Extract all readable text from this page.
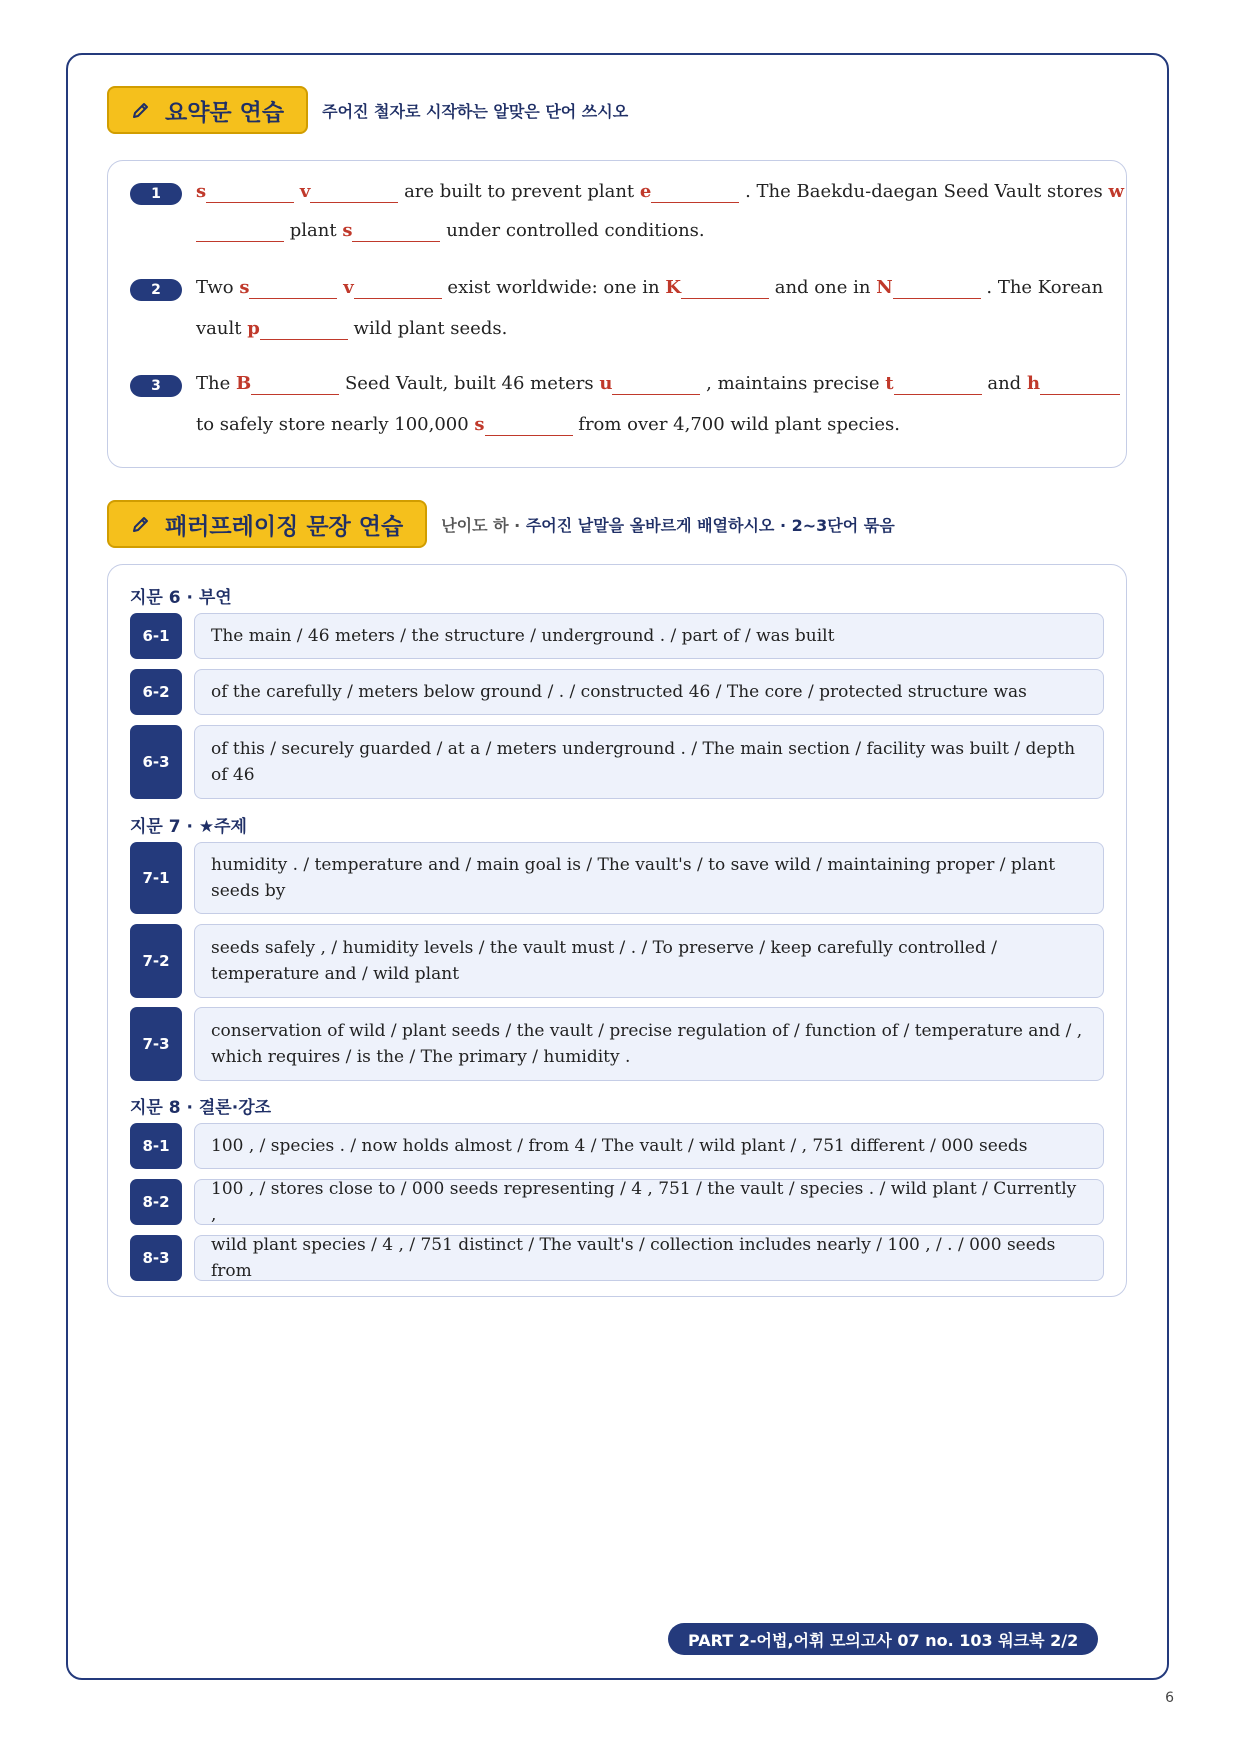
요약문 연습 주어진 철자로 시작하는 알맞은 단어 쓰시오
1	s	v	are built to prevent plant e	. The Baekdu-daegan Seed Vault stores w
plant s	under controlled conditions.
2	Two s	v	exist worldwide: one in K	and one in N	. The Korean
vault p	wild plant seeds.
3	The B	Seed Vault, built 46 meters u	, maintains precise t	and h
to safely store nearly 100,000 s	from over 4,700 wild plant species.
패러프레이징 문장 연습 난이도 하 · 주어진 낱말을 올바르게 배열하시오 · 2~3단어 묶음
지문 6 · 부연
6-1	The main / 46 meters / the structure / underground . / part of / was built
6-2	of the carefully / meters below ground / . / constructed 46 / The core / protected structure was
6-3
of this / securely guarded / at a / meters underground . / The main section / facility was built / depth of 46
지문 7 · ★주제
7-1
humidity . / temperature and / main goal is / The vault's / to save wild / maintaining proper / plant seeds by
7-2
seeds safely , / humidity levels / the vault must / . / To preserve / keep carefully controlled / temperature and / wild plant
7-3
conservation of wild / plant seeds / the vault / precise regulation of / function of / temperature and / , which requires / is the / The primary / humidity .
지문 8 · 결론·강조
8-1	100 , / species . / now holds almost / from 4 / The vault / wild plant / , 751 different / 000 seeds
8-2
100 , / stores close to / 000 seeds representing / 4 , 751 / the vault / species . / wild plant / Currently ,
8-3
wild plant species / 4 , / 751 distinct / The vault's / collection includes nearly / 100 , / . / 000 seeds from
PART 2-어법,어휘 모의고사 07 no. 103 워크북 2/2
6
